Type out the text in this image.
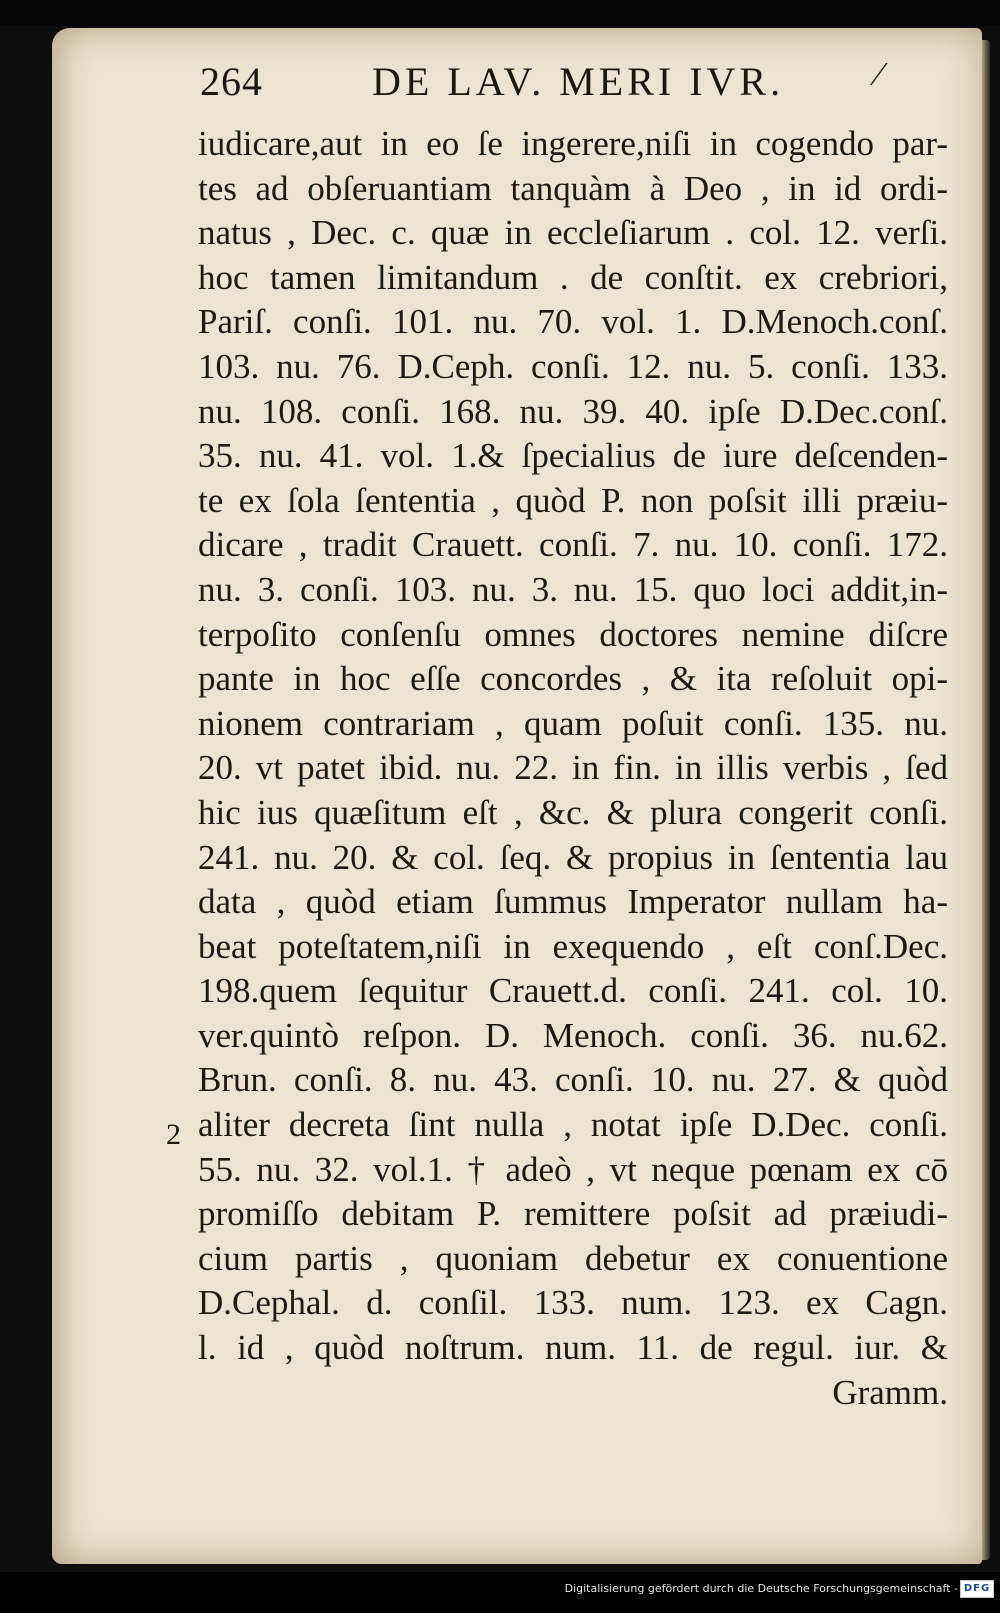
264	DE LAV. MERI IVR.	⁄
iudicare,aut in eo ſe ingerere,niſi in cogendo par-
tes ad obſeruantiam tanquàm à Deo , in id ordi-
natus , Dec. c. quæ in eccleſiarum . col. 12. verſi.
hoc tamen limitandum . de conſtit. ex crebriori,
Pariſ. conſi. 101. nu. 70. vol. 1. D.Menoch.conſ.
103. nu. 76. D.Ceph. conſi. 12. nu. 5. conſi. 133.
nu. 108. conſi. 168. nu. 39. 40. ipſe D.Dec.conſ.
35. nu. 41. vol. 1.& ſpecialius de iure deſcenden-
te ex ſola ſententia , quòd P. non poſsit illi præiu-
dicare , tradit Crauett. conſi. 7. nu. 10. conſi. 172.
nu. 3. conſi. 103. nu. 3. nu. 15. quo loci addit,in-
terpoſito conſenſu omnes doctores nemine diſcre
pante in hoc eſſe concordes , & ita reſoluit opi-
nionem contrariam , quam poſuit conſi. 135. nu.
20. vt patet ibid. nu. 22. in fin. in illis verbis , ſed
hic ius quæſitum eſt , &c. & plura congerit conſi.
241. nu. 20. & col. ſeq. & propius in ſententia lau
data , quòd etiam ſummus Imperator nullam ha-
beat poteſtatem,niſi in exequendo , eſt conſ.Dec.
198.quem ſequitur Crauett.d. conſi. 241. col. 10.
ver.quintò reſpon. D. Menoch. conſi. 36. nu.62.
Brun. conſi. 8. nu. 43. conſi. 10. nu. 27. & quòd
aliter decreta ſint nulla , notat ipſe D.Dec. conſi.
55. nu. 32. vol.1. † adeò , vt neque pœnam ex cō
promiſſo debitam P. remittere poſsit ad præiudi-
cium partis , quoniam debetur ex conuentione
D.Cephal. d. conſil. 133. num. 123. ex Cagn.
l. id , quòd noſtrum. num. 11. de regul. iur. &
Gramm.
2
Digitalisierung gefördert durch die Deutsche Forschungsgemeinschaft - DFG
